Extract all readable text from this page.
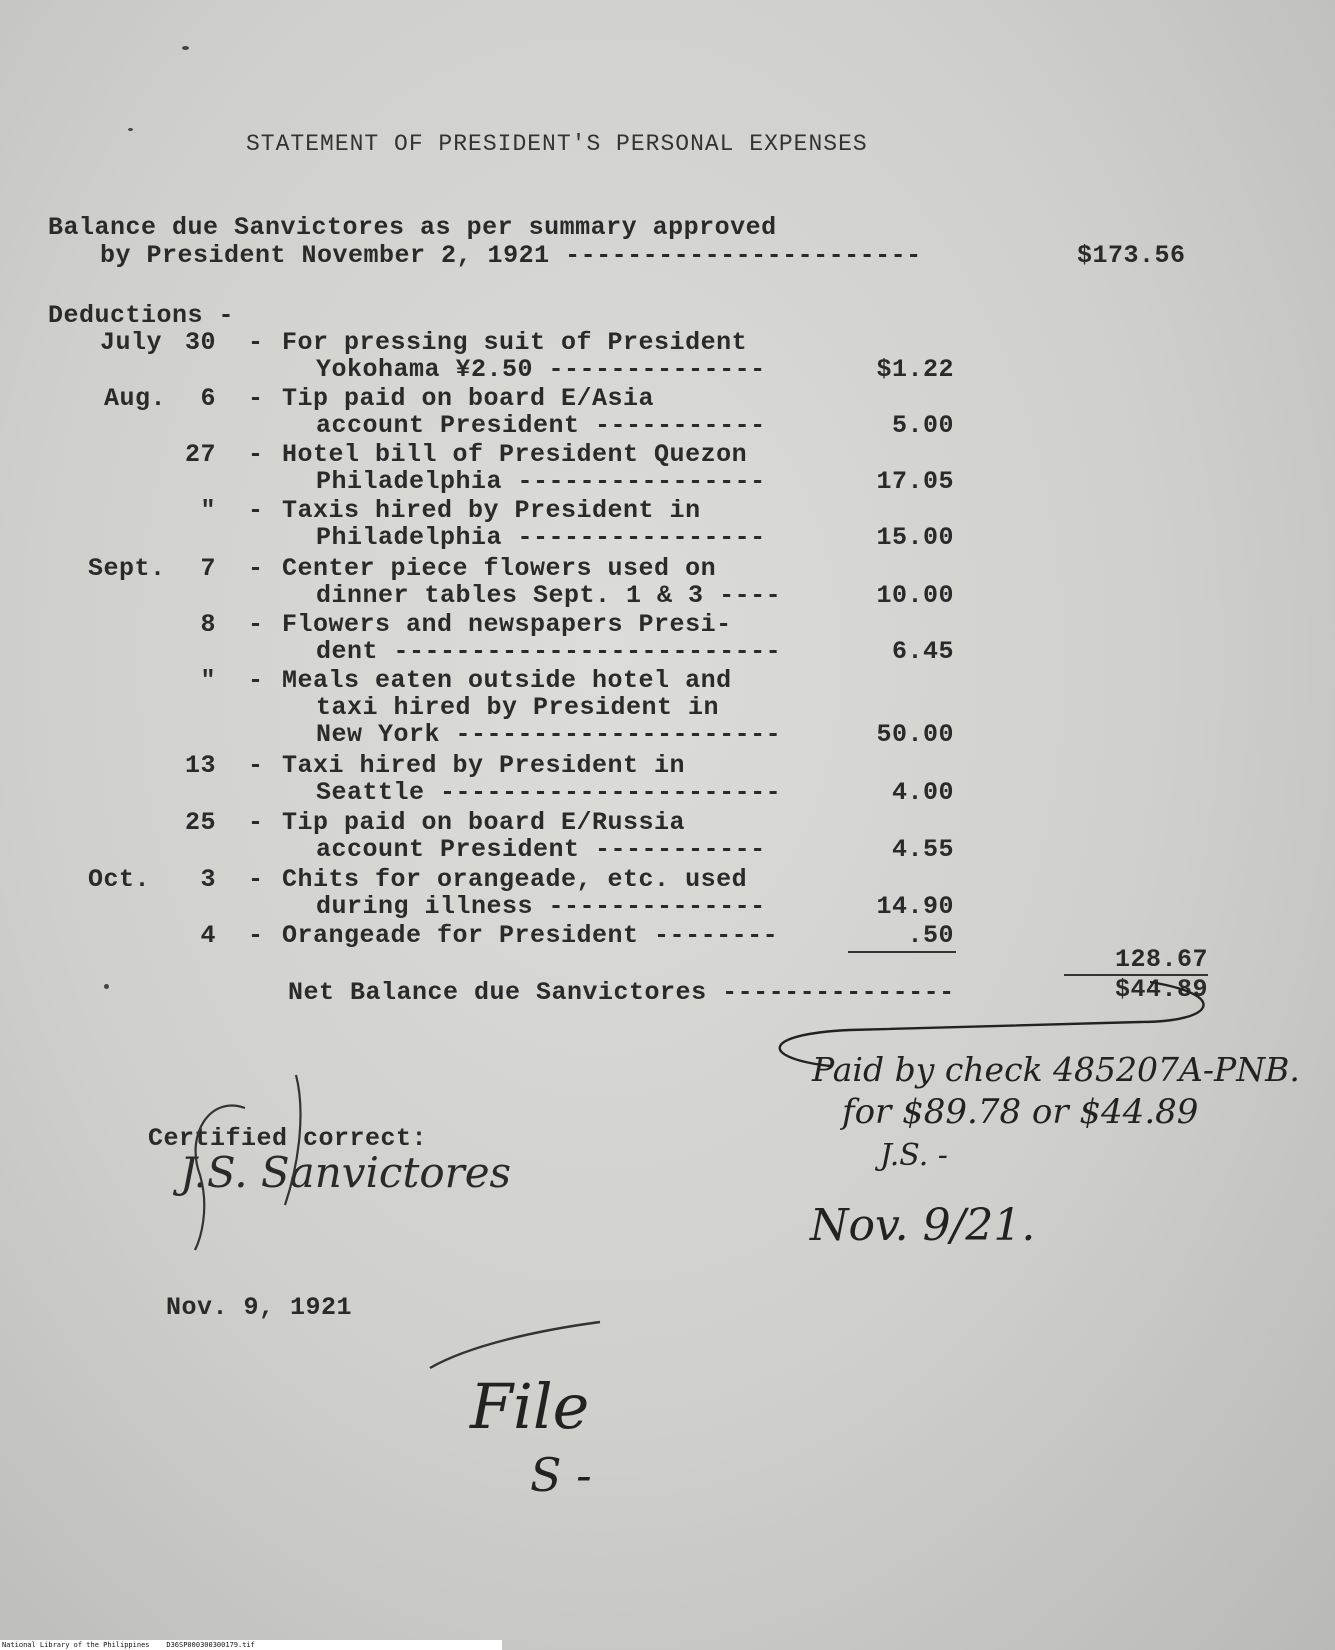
STATEMENT OF PRESIDENT'S PERSONAL EXPENSES
Balance due Sanvictores as per summary approved
by President November 2, 1921 -----------------------	$173.56
Deductions -
July 30 - For pressing suit of President
Yokohama ¥2.50 --------------	$1.22
Aug.	6 - Tip paid on board E/Asia
account President -----------	5.00
27 - Hotel bill of President Quezon
Philadelphia ----------------	17.05
" - Taxis hired by President in
Philadelphia ----------------	15.00
Sept.	7 - Center piece flowers used on
dinner tables Sept. 1 & 3 ----	10.00
8 - Flowers and newspapers Presi-
dent -------------------------	6.45
" - Meals eaten outside hotel and
taxi hired by President in
New York ---------------------	50.00
13 - Taxi hired by President in
Seattle ----------------------	4.00
25 - Tip paid on board E/Russia
account President -----------	4.55
Oct.	3 - Chits for orangeade, etc. used
during illness --------------	14.90
4 - Orangeade for President --------	.50
128.67
Net Balance due Sanvictores ---------------	$44.89
Certified correct:
Nov. 9, 1921
Paid by check 485207A-PNB.
for $89.78 or $44.89
J.S. -
Nov. 9/21.
J.S. Sanvictores
File
S -
National Library of the Philippines    D36SP000300300179.tif
